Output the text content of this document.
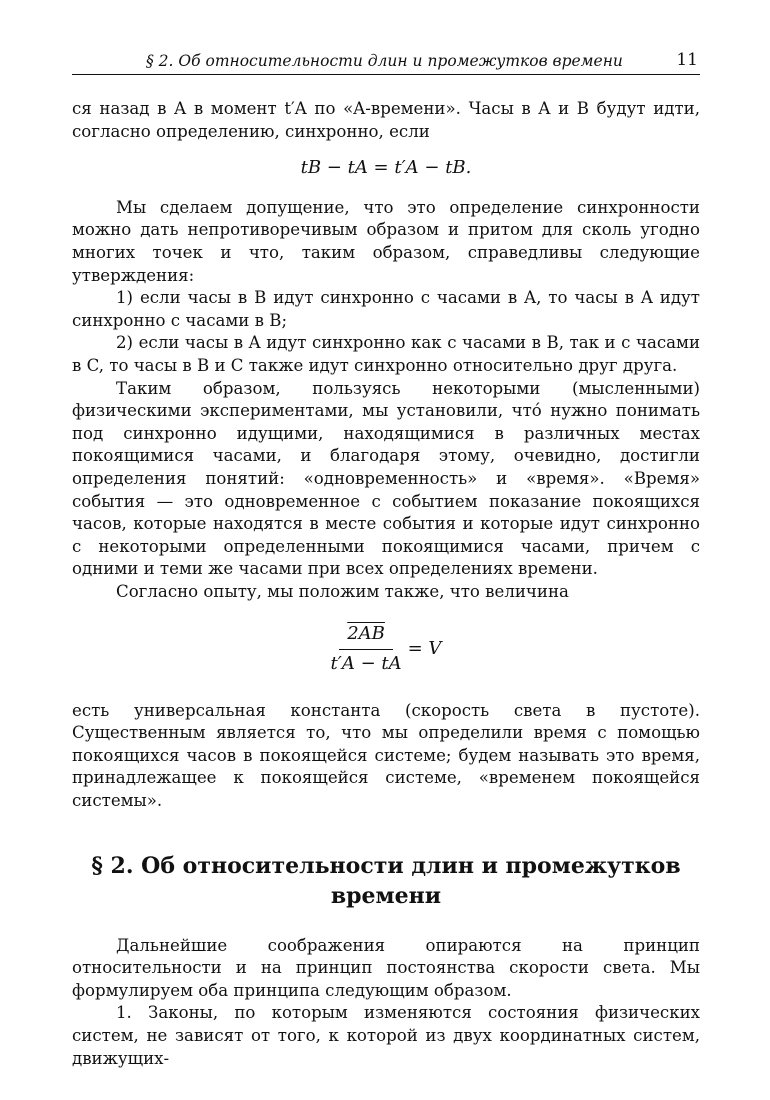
§ 2. Об относительности длин и промежутков времени	11

ся назад в A в момент t′A по «A-времени». Часы в A и B будут идти, согласно определению, синхронно, если

tB − tA = t′A − tB.

Мы сделаем допущение, что это определение синхронности можно дать непротиворечивым образом и притом для сколь угодно многих точек и что, таким образом, справедливы следующие утверждения:

1) если часы в B идут синхронно с часами в A, то часы в A идут синхронно с часами в B;

2) если часы в A идут синхронно как с часами в B, так и с часами в C, то часы в B и C также идут синхронно относительно друг друга.

Таким образом, пользуясь некоторыми (мысленными) физическими экспериментами, мы установили, что́ нужно понимать под синхронно идущими, находящимися в различных местах покоящимися часами, и благодаря этому, очевидно, достигли определения понятий: «одновременность» и «время». «Время» события — это одновременное с событием показание покоящихся часов, которые находятся в месте события и которые идут синхронно с некоторыми определенными покоящимися часами, причем с одними и теми же часами при всех определениях времени.

Согласно опыту, мы положим также, что величина

$\frac{2AB}{t'A - tA} = V$

есть универсальная константа (скорость света в пустоте). Существенным является то, что мы определили время с помощью покоящихся часов в покоящейся системе; будем называть это время, принадлежащее к покоящейся системе, «временем покоящейся системы».

§ 2. Об относительности длин и промежутков
времени

Дальнейшие соображения опираются на принцип относительности и на принцип постоянства скорости света. Мы формулируем оба принципа следующим образом.

1. Законы, по которым изменяются состояния физических систем, не зависят от того, к которой из двух координатных систем, движущих-
